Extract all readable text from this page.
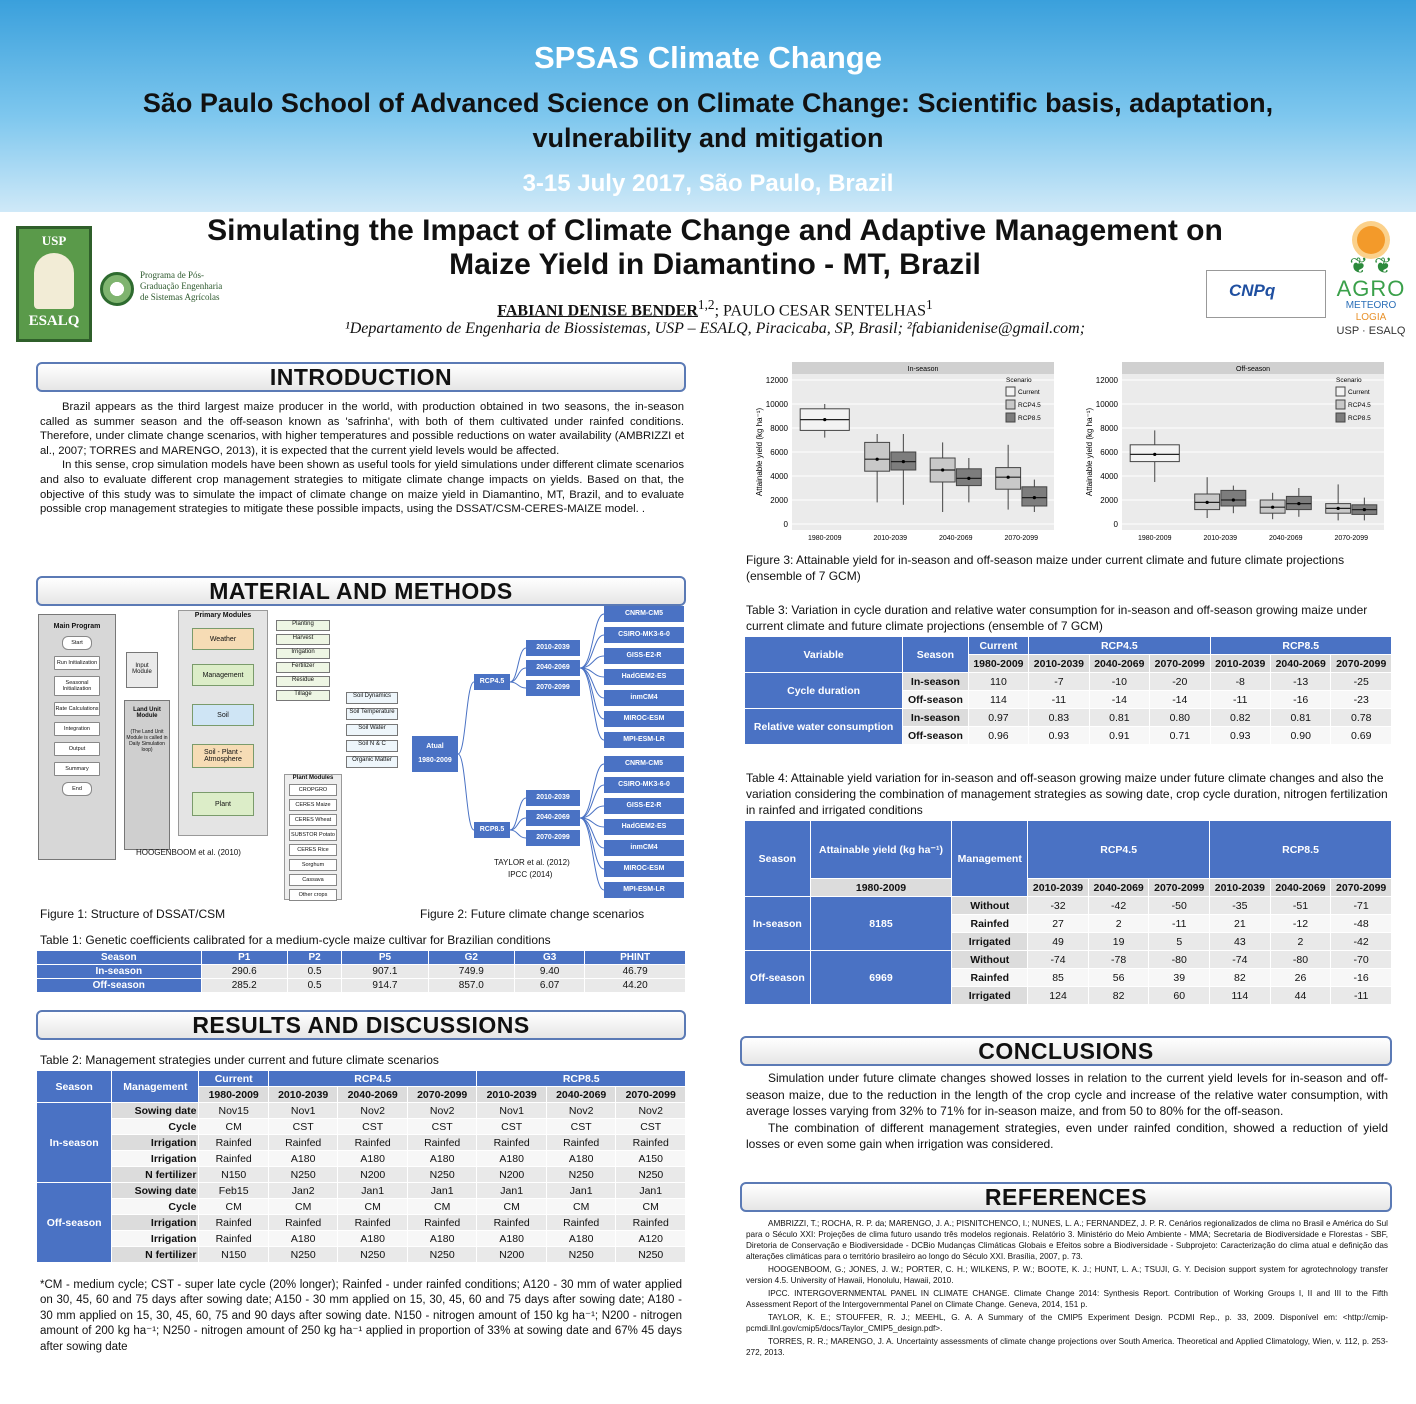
SPSAS Climate Change
São Paulo School of Advanced Science on Climate Change: Scientific basis, adaptation, vulnerability and mitigation
3-15 July 2017, São Paulo, Brazil
USP
ESALQ
Programa de Pós-Graduação Engenharia de Sistemas Agrícolas	CNPq
❦ ❦
AGRO
METEORO
LOGIA
USP · ESALQ
Simulating the Impact of Climate Change and Adaptive Management on Maize Yield in Diamantino - MT, Brazil
FABIANI DENISE BENDER$^{1,2}$; PAULO CESAR SENTELHAS$^1$
¹Departamento de Engenharia de Biossistemas, USP – ESALQ, Piracicaba, SP, Brasil; ²fabianidenise@gmail.com;
INTRODUCTION

Brazil appears as the third largest maize producer in the world, with production obtained in two seasons, the in-season called as summer season and the off-season known as 'safrinha', with both of them cultivated under rainfed conditions. Therefore, under climate change scenarios, with higher temperatures and possible reductions on water availability (AMBRIZZI et al., 2007; TORRES and MARENGO, 2013), it is expected that the current yield levels would be affected.

In this sense, crop simulation models have been shown as useful tools for yield simulations under different climate scenarios and also to evaluate different crop management strategies to mitigate climate change impacts on yields. Based on that, the objective of this study was to simulate the impact of climate change on maize yield in Diamantino, MT, Brazil, and to evaluate possible crop management strategies to mitigate these possible impacts, using the DSSAT/CSM-CERES-MAIZE model. .

MATERIAL AND METHODS
Main Program
Start
Run Initialization
Seasonal Initialization
Rate Calculations
Integration
Output
Summary
End
Input Module
Land Unit Module
(The Land Unit Module is called in Daily Simulation loop)
Primary Modules
Weather
Management
Soil
Soil - Plant - Atmosphere
Plant
Planting
Harvest
Irrigation
Fertilizer
Residue
Tillage	Soil Dynamics
Soil Temperature
Soil Water
Soil N & C
Organic Matter
Plant Modules
CROPGRO
CERES Maize
CERES Wheat
SUBSTOR Potato
CERES Rice
Sorghum
Cassava
Other crops
HOOGENBOOM et al. (2010)
Atual
1980-2009
RCP4.5
RCP8.5
2010-2039
2040-2069
2070-2099
CNRM-CM5
CSIRO-MK3-6-0
GISS-E2-R
HadGEM2-ES
inmCM4
MIROC-ESM
MPI-ESM-LR
2010-2039
2040-2069
2070-2099
CNRM-CM5
CSIRO-MK3-6-0
GISS-E2-R
HadGEM2-ES
inmCM4
MIROC-ESM
MPI-ESM-LR
TAYLOR et al. (2012)
IPCC (2014)
Figure 1: Structure of DSSAT/CSM	Figure 2: Future climate change scenarios
Table 1: Genetic coefficients calibrated for a medium-cycle maize cultivar for Brazilian conditions
Season	P1	P2	P5	G2	G3	PHINT
In-season	290.6	0.5	907.1	749.9	9.40	46.79
Off-season	285.2	0.5	914.7	857.0	6.07	44.20
RESULTS AND DISCUSSIONS
Table 2: Management strategies under current and future climate scenarios
Season	Management	Current	RCP4.5			RCP8.5		
		1980-2009	2010-2039	2040-2069	2070-2099	2010-2039	2040-2069	2070-2099
In-season	Sowing date	Nov15	Nov1	Nov2	Nov2	Nov1	Nov2	Nov2
	Cycle	CM	CST	CST	CST	CST	CST	CST
	Irrigation	Rainfed	Rainfed	Rainfed	Rainfed	Rainfed	Rainfed	Rainfed
	Irrigation	Rainfed	A180	A180	A180	A180	A180	A150
	N fertilizer	N150	N250	N200	N250	N200	N250	N250
Off-season	Sowing date	Feb15	Jan2	Jan1	Jan1	Jan1	Jan1	Jan1
	Cycle	CM	CM	CM	CM	CM	CM	CM
	Irrigation	Rainfed	Rainfed	Rainfed	Rainfed	Rainfed	Rainfed	Rainfed
	Irrigation	Rainfed	A180	A180	A180	A180	A180	A120
	N fertilizer	N150	N250	N250	N250	N200	N250	N250
*CM - medium cycle; CST - super late cycle (20% longer); Rainfed - under rainfed conditions; A120 - 30 mm of water applied on 30, 45, 60 and 75 days after sowing date; A150 - 30 mm applied on 15, 30, 45, 60 and 75 days after sowing date; A180 - 30 mm applied on 15, 30, 45, 60, 75 and 90 days after sowing date. N150 - nitrogen amount of 150 kg ha⁻¹; N200 - nitrogen amount of 200 kg ha⁻¹; N250 - nitrogen amount of 250 kg ha⁻¹ applied in proportion of 33% at sowing date and 67% 45 days after sowing date
In-season
0
2000
4000
6000
8000
10000
12000
Attainable yield (kg ha⁻¹)
1980-2009	2010-2039	2040-2069	2070-2099
Scenario
Current
RCP4.5
RCP8.5
Off-season
0
2000
4000
6000
8000
10000
12000
Attainable yield (kg ha⁻¹)
1980-2009	2010-2039	2040-2069	2070-2099
Scenario
Current
RCP4.5
RCP8.5
Figure 3: Attainable yield for in-season and off-season maize under current climate and future climate projections (ensemble of 7 GCM)
Table 3: Variation in cycle duration and relative water consumption for in-season and off-season growing maize under current climate and future climate projections (ensemble of 7 GCM)
Variable	Season	Current	RCP4.5			RCP8.5		
		1980-2009	2010-2039	2040-2069	2070-2099	2010-2039	2040-2069	2070-2099
Cycle duration	In-season	110	-7	-10	-20	-8	-13	-25
	Off-season	114	-11	-14	-14	-11	-16	-23
Relative water consumption	In-season	0.97	0.83	0.81	0.80	0.82	0.81	0.78
	Off-season	0.96	0.93	0.91	0.71	0.93	0.90	0.69
Table 4: Attainable yield variation for in-season and off-season growing maize under future climate changes and also the variation considering the combination of management strategies as sowing date, crop cycle duration, nitrogen fertilization in rainfed and irrigated conditions
Season	Attainable yield (kg ha⁻¹)	Management	RCP4.5			RCP8.5		
	1980-2009		2010-2039	2040-2069	2070-2099	2010-2039	2040-2069	2070-2099
In-season	8185	Without	-32	-42	-50	-35	-51	-71
		Rainfed	27	2	-11	21	-12	-48
		Irrigated	49	19	5	43	2	-42
Off-season	6969	Without	-74	-78	-80	-74	-80	-70
		Rainfed	85	56	39	82	26	-16
		Irrigated	124	82	60	114	44	-11
CONCLUSIONS

Simulation under future climate changes showed losses in relation to the current yield levels for in-season and off-season maize, due to the reduction in the length of the crop cycle and increase of the relative water consumption, with average losses varying from 32% to 71% for in-season maize, and from 50 to 80% for the off-season.

The combination of different management strategies, even under rainfed condition, showed a reduction of yield losses or even some gain when irrigation was considered.

REFERENCES

AMBRIZZI, T.; ROCHA, R. P. da; MARENGO, J. A.; PISNITCHENCO, I.; NUNES, L. A.; FERNANDEZ, J. P. R. Cenários regionalizados de clima no Brasil e América do Sul para o Século XXI: Projeções de clima futuro usando três modelos regionais. Relatório 3. Ministério do Meio Ambiente - MMA; Secretaria de Biodiversidade e Florestas - SBF, Diretoria de Conservação e Biodiversidade - DCBio Mudanças Climáticas Globais e Efeitos sobre a Biodiversidade - Subprojeto: Caracterização do clima atual e definição das alterações climáticas para o território brasileiro ao longo do Século XXI. Brasília, 2007, p. 73.

HOOGENBOOM, G.; JONES, J. W.; PORTER, C. H.; WILKENS, P. W.; BOOTE, K. J.; HUNT, L. A.; TSUJI, G. Y. Decision support system for agrotechnology transfer version 4.5. University of Hawaii, Honolulu, Hawaii, 2010.

IPCC. INTERGOVERNMENTAL PANEL IN CLIMATE CHANGE. Climate Change 2014: Synthesis Report. Contribution of Working Groups I, II and III to the Fifth Assessment Report of the Intergovernmental Panel on Climate Change. Geneva, 2014, 151 p.

TAYLOR, K. E.; STOUFFER, R. J.; MEEHL, G. A. A Summary of the CMIP5 Experiment Design. PCDMI Rep., p. 33, 2009. Disponível em: <http://cmip-pcmdi.llnl.gov/cmip5/docs/Taylor_CMIP5_design.pdf>.

TORRES, R. R.; MARENGO, J. A. Uncertainty assessments of climate change projections over South America. Theoretical and Applied Climatology, Wien, v. 112, p. 253-272, 2013.
